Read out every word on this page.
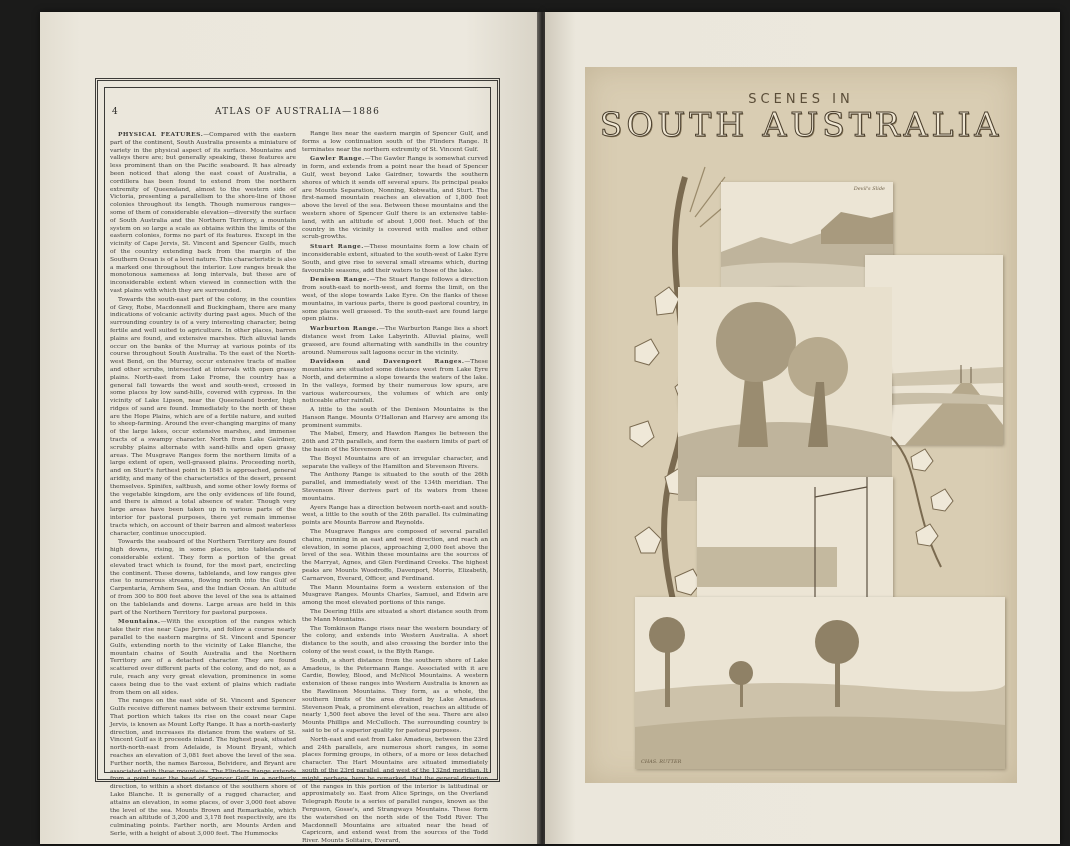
4	ATLAS OF AUSTRALIA—1886

PHYSICAL FEATURES.—Compared with the eastern part of the continent, South Australia presents a miniature of variety in the physical aspect of its surface. Mountains and valleys there are; but generally speaking, these features are less prominent than on the Pacific seaboard. It has already been noticed that along the east coast of Australia, a cordillera has been found to extend from the northern extremity of Queensland, almost to the western side of Victoria, presenting a parallelism to the shore-line of those colonies throughout its length. Though numerous ranges—some of them of considerable elevation—diversify the surface of South Australia and the Northern Territory, a mountain system on so large a scale as obtains within the limits of the eastern colonies, forms no part of its features. Except in the vicinity of Cape Jervis, St. Vincent and Spencer Gulfs, much of the country extending back from the margin of the Southern Ocean is of a level nature. This characteristic is also a marked one throughout the interior. Low ranges break the monotonous sameness at long intervals, but these are of inconsiderable extent when viewed in connection with the vast plains with which they are surrounded.

Towards the south-east part of the colony, in the counties of Grey, Robe, Macdonnell and Buckingham, there are many indications of volcanic activity during past ages. Much of the surrounding country is of a very interesting character, being fertile and well suited to agriculture. In other places, barren plains are found, and extensive marshes. Rich alluvial lands occur on the banks of the Murray at various points of its course throughout South Australia. To the east of the North-west Bend, on the Murray, occur extensive tracts of mallee and other scrubs, intersected at intervals with open grassy plains. North-east from Lake Frome, the country has a general fall towards the west and south-west, crossed in some places by low sand-hills, covered with cypress. In the vicinity of Lake Lipson, near the Queensland border, high ridges of sand are found. Immediately to the north of these are the Hope Plains, which are of a fertile nature, and suited to sheep-farming. Around the ever-changing margins of many of the large lakes, occur extensive marshes, and immense tracts of a swampy character. North from Lake Gairdner, scrubby plains alternate with sand-hills and open grassy areas. The Musgrave Ranges form the northern limits of a large extent of open, well-grassed plains. Proceeding north, and on Sturt's furthest point in 1845 is approached, general aridity, and many of the characteristics of the desert, present themselves. Spinifex, saltbush, and some other lowly forms of the vegetable kingdom, are the only evidences of life found, and there is almost a total absence of water. Though very large areas have been taken up in various parts of the interior for pastoral purposes, there yet remain immense tracts which, on account of their barren and almost waterless character, continue unoccupied.

Towards the seaboard of the Northern Territory are found high downs, rising, in some places, into tablelands of considerable extent. They form a portion of the great elevated tract which is found, for the most part, encircling the continent. These downs, tablelands, and low ranges give rise to numerous streams, flowing north into the Gulf of Carpentaria, Arnhem Sea, and the Indian Ocean. An altitude of from 300 to 800 feet above the level of the sea is attained on the tablelands and downs. Large areas are held in this part of the Northern Territory for pastoral purposes.

Mountains.—With the exception of the ranges which take their rise near Cape Jervis, and follow a course nearly parallel to the eastern margins of St. Vincent and Spencer Gulfs, extending north to the vicinity of Lake Blanche, the mountain chains of South Australia and the Northern Territory are of a detached character. They are found scattered over different parts of the colony, and do not, as a rule, reach any very great elevation, prominence in some cases being due to the vast extent of plains which radiate from them on all sides.

The ranges on the east side of St. Vincent and Spencer Gulfs receive different names between their extreme termini. That portion which takes its rise on the coast near Cape Jervis, is known as Mount Lofty Range. It has a north-easterly direction, and increases its distance from the waters of St. Vincent Gulf as it proceeds inland. The highest peak, situated north-north-east from Adelaide, is Mount Bryant, which reaches an elevation of 3,081 feet above the level of the sea. Further north, the names Barossa, Belvidere, and Bryant are associated with these mountains. The Flinders Range extends from a point near the head of Spencer Gulf, in a northerly direction, to within a short distance of the southern shore of Lake Blanche. It is generally of a rugged character, and attains an elevation, in some places, of over 3,000 feet above the level of the sea. Mounts Brown and Remarkable, which reach an altitude of 3,200 and 3,178 feet respectively, are its culminating points. Farther north, are Mounts Arden and Serle, with a height of about 3,000 feet. The Hummocks

Range lies near the eastern margin of Spencer Gulf, and forms a low continuation south of the Flinders Range. It terminates near the northern extremity of St. Vincent Gulf.

Gawler Range.—The Gawler Range is somewhat curved in form, and extends from a point near the head of Spencer Gulf, west beyond Lake Gairdner, towards the southern shores of which it sends off several spurs. Its principal peaks are Mounts Separation, Nonning, Kobwatta, and Sturt. The first-named mountain reaches an elevation of 1,800 feet above the level of the sea. Between these mountains and the western shore of Spencer Gulf there is an extensive table-land, with an altitude of about 1,000 feet. Much of the country in the vicinity is covered with mallee and other scrub-growths.

Stuart Range.—These mountains form a low chain of inconsiderable extent, situated to the south-west of Lake Eyre South, and give rise to several small streams which, during favourable seasons, add their waters to those of the lake.

Denison Range.—The Stuart Range follows a direction from south-east to north-west, and forms the limit, on the west, of the slope towards Lake Eyre. On the flanks of these mountains, in various parts, there is good pastoral country, in some places well grassed. To the south-east are found large open plains.

Warburton Range.—The Warburton Range lies a short distance west from Lake Labyrinth. Alluvial plains, well grassed, are found alternating with sandhills in the country around. Numerous salt lagoons occur in the vicinity.

Davidson and Davenport Ranges.—These mountains are situated some distance west from Lake Eyre North, and determine a slope towards the waters of the lake. In the valleys, formed by their numerous low spurs, are various watercourses, the volumes of which are only noticeable after rainfall.

A little to the south of the Denison Mountains is the Hanson Range. Mounts O'Halloran and Harvey are among its prominent summits.

The Mabel, Emery, and Hawdon Ranges lie between the 26th and 27th parallels, and form the eastern limits of part of the basin of the Stevenson River.

The Boyel Mountains are of an irregular character, and separate the valleys of the Hamilton and Stevenson Rivers.

The Anthony Range is situated to the south of the 26th parallel, and immediately west of the 134th meridian. The Stevenson River derives part of its waters from these mountains.

Ayers Range has a direction between north-east and south-west, a little to the south of the 26th parallel. Its culminating points are Mounts Barrow and Reynolds.

The Musgrave Ranges are composed of several parallel chains, running in an east and west direction, and reach an elevation, in some places, approaching 2,000 feet above the level of the sea. Within these mountains are the sources of the Marryat, Agnes, and Glen Ferdinand Creeks. The highest peaks are Mounts Woodroffe, Davenport, Morris, Elizabeth, Carnarvon, Everard, Officer, and Ferdinand.

The Mann Mountains form a western extension of the Musgrave Ranges. Mounts Charles, Samuel, and Edwin are among the most elevated portions of this range.

The Deering Hills are situated a short distance south from the Mann Mountains.

The Tomkinson Range rises near the western boundary of the colony, and extends into Western Australia. A short distance to the south, and also crossing the border into the colony of the west coast, is the Blyth Range.

South, a short distance from the southern shore of Lake Amadeus, is the Petermann Range. Associated with it are Cardie, Bowley, Blood, and McNicol Mountains. A western extension of these ranges into Western Australia is known as the Rawlinson Mountains. They form, as a whole, the southern limits of the area drained by Lake Amadeus. Stevenson Peak, a prominent elevation, reaches an altitude of nearly 1,500 feet above the level of the sea. There are also Mounts Phillips and McCulloch. The surrounding country is said to be of a superior quality for pastoral purposes.

North-east and east from Lake Amadeus, between the 23rd and 24th parallels, are numerous short ranges, in some places forming groups, in others, of a more or less detached character. The Hart Mountains are situated immediately south of the 23rd parallel, and west of the 132nd meridian. It might, perhaps, here be remarked, that the general direction of the ranges in this portion of the interior is latitudinal or approximately so. East from Alice Springs, on the Overland Telegraph Route is a series of parallel ranges, known as the Ferguson, Gosse's, and Strangways Mountains. These form the watershed on the north side of the Todd River. The Macdonnell Mountains are situated near the head of Capricorn, and extend west from the sources of the Todd River. Mounts Solitaire, Everard,

SCENES IN
SOUTH AUSTRALIA
Devil's Slide
CHAS. RUTTER
